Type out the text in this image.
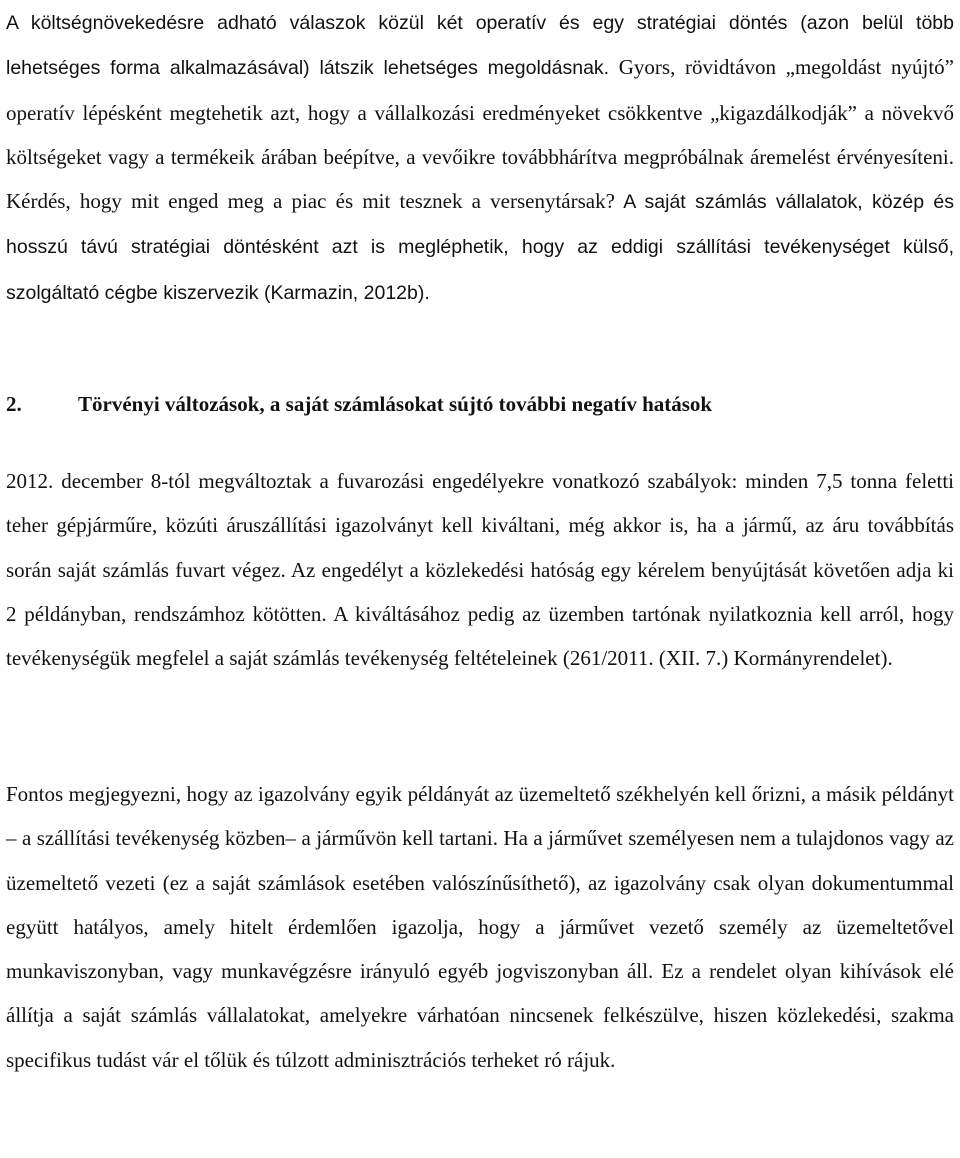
A költségnövekedésre adható válaszok közül két operatív és egy stratégiai döntés (azon belül több lehetséges forma alkalmazásával) látszik lehetséges megoldásnak. Gyors, rövidtávon „megoldást nyújtó” operatív lépésként megtehetik azt, hogy a vállalkozási eredményeket csökkentve „kigazdálkodják” a növekvő költségeket vagy a termékeik árában beépítve, a vevőikre továbbhárítva megpróbálnak áremelést érvényesíteni. Kérdés, hogy mit enged meg a piac és mit tesznek a versenytársak? A saját számlás vállalatok, közép és hosszú távú stratégiai döntésként azt is megléphetik, hogy az eddigi szállítási tevékenységet külső, szolgáltató cégbe kiszervezik (Karmazin, 2012b).

2.	Törvényi változások, a saját számlásokat sújtó további negatív hatások

2012. december 8-tól megváltoztak a fuvarozási engedélyekre vonatkozó szabályok: minden 7,5 tonna feletti teher gépjárműre, közúti áruszállítási igazolványt kell kiváltani, még akkor is, ha a jármű, az áru továbbítás során saját számlás fuvart végez. Az engedélyt a közlekedési hatóság egy kérelem benyújtását követően adja ki 2 példányban, rendszámhoz kötötten. A kiváltásához pedig az üzemben tartónak nyilatkoznia kell arról, hogy tevékenységük megfelel a saját számlás tevékenység feltételeinek (261/2011. (XII. 7.) Kormányrendelet).

Fontos megjegyezni, hogy az igazolvány egyik példányát az üzemeltető székhelyén kell őrizni, a másik példányt – a szállítási tevékenység közben– a járművön kell tartani. Ha a járművet személyesen nem a tulajdonos vagy az üzemeltető vezeti (ez a saját számlások esetében valószínűsíthető), az igazolvány csak olyan dokumentummal együtt hatályos, amely hitelt érdemlően igazolja, hogy a járművet vezető személy az üzemeltetővel munkaviszonyban, vagy munkavégzésre irányuló egyéb jogviszonyban áll. Ez a rendelet olyan kihívások elé állítja a saját számlás vállalatokat, amelyekre várhatóan nincsenek felkészülve, hiszen közlekedési, szakma specifikus tudást vár el tőlük és túlzott adminisztrációs terheket ró rájuk.
